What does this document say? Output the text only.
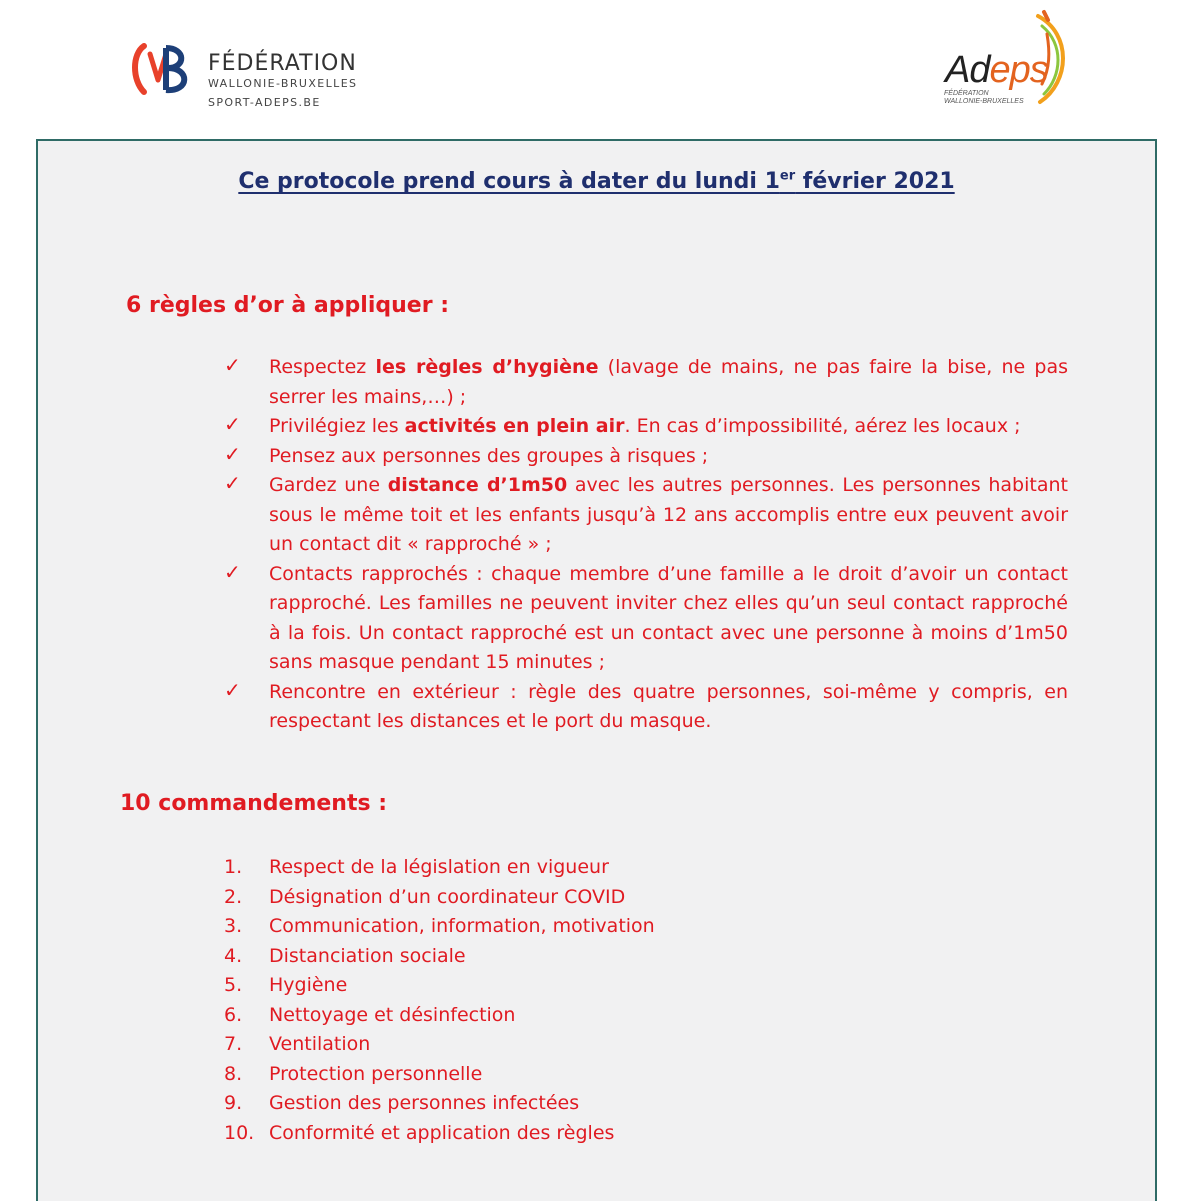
FÉDÉRATION
WALLONIE-BRUXELLES
SPORT-ADEPS.BE
Adeps
FÉDÉRATION
WALLONIE-BRUXELLES
Ce protocole prend cours à dater du lundi 1er février 2021
6 règles d’or à appliquer :
✓ Respectez les règles d’hygiène (lavage de mains, ne pas faire la bise, ne pas serrer les mains,…) ;
✓ Privilégiez les activités en plein air. En cas d’impossibilité, aérez les locaux ;
✓ Pensez aux personnes des groupes à risques ;
✓ Gardez une distance d’1m50 avec les autres personnes. Les personnes habitant sous le même toit et les enfants jusqu’à 12 ans accomplis entre eux peuvent avoir un contact dit « rapproché » ;
✓ Contacts rapprochés : chaque membre d’une famille a le droit d’avoir un contact rapproché. Les familles ne peuvent inviter chez elles qu’un seul contact rapproché à la fois. Un contact rapproché est un contact avec une personne à moins d’1m50 sans masque pendant 15 minutes ;
✓ Rencontre en extérieur : règle des quatre personnes, soi-même y compris, en respectant les distances et le port du masque.
10 commandements :
1. Respect de la législation en vigueur
2. Désignation d’un coordinateur COVID
3. Communication, information, motivation
4. Distanciation sociale
5. Hygiène
6. Nettoyage et désinfection
7. Ventilation
8. Protection personnelle
9. Gestion des personnes infectées
10. Conformité et application des règles
